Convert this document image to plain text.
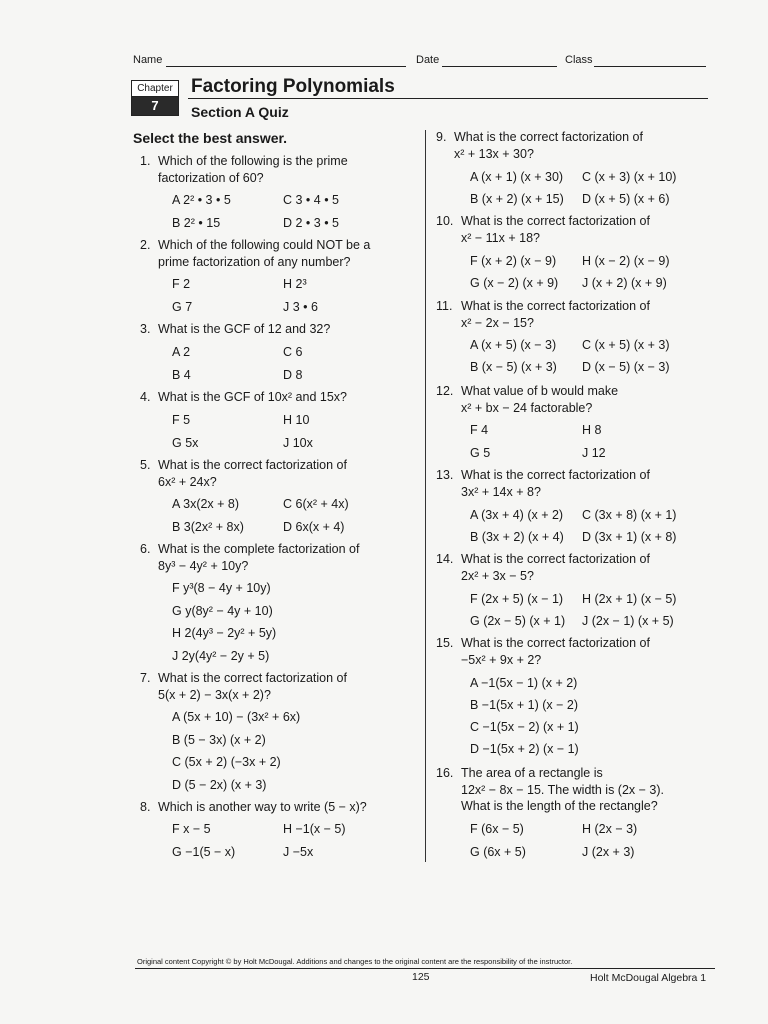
Name	Date	Class
Chapter
7
Factoring Polynomials
Section A Quiz
Select the best answer.
1. Which of the following is the prime
factorization of 60?
A 2² • 3 • 5	C 3 • 4 • 5
B 2² • 15	D 2 • 3 • 5
2. Which of the following could NOT be a
prime factorization of any number?
F 2	H 2³
G 7	J 3 • 6
3. What is the GCF of 12 and 32?
A 2	C 6
B 4	D 8
4. What is the GCF of 10x² and 15x?
F 5	H 10
G 5x	J 10x
5. What is the correct factorization of
6x² + 24x?
A 3x(2x + 8)	C 6(x² + 4x)
B 3(2x² + 8x)	D 6x(x + 4)
6. What is the complete factorization of
8y³ − 4y² + 10y?
F y³(8 − 4y + 10y)
G y(8y² − 4y + 10)
H 2(4y³ − 2y² + 5y)
J 2y(4y² − 2y + 5)
7. What is the correct factorization of
5(x + 2) − 3x(x + 2)?
A (5x + 10) − (3x² + 6x)
B (5 − 3x) (x + 2)
C (5x + 2) (−3x + 2)
D (5 − 2x) (x + 3)
8. Which is another way to write (5 − x)?
F x − 5	H −1(x − 5)
G −1(5 − x)	J −5x
9. What is the correct factorization of
x² + 13x + 30?
A (x + 1) (x + 30) C (x + 3) (x + 10)
B (x + 2) (x + 15) D (x + 5) (x + 6)
10. What is the correct factorization of
x² − 11x + 18?
F (x + 2) (x − 9) H (x − 2) (x − 9)
G (x − 2) (x + 9) J (x + 2) (x + 9)
11. What is the correct factorization of
x² − 2x − 15?
A (x + 5) (x − 3) C (x + 5) (x + 3)
B (x − 5) (x + 3) D (x − 5) (x − 3)
12. What value of b would make
x² + bx − 24 factorable?
F 4	H 8
G 5	J 12
13. What is the correct factorization of
3x² + 14x + 8?
A (3x + 4) (x + 2) C (3x + 8) (x + 1)
B (3x + 2) (x + 4) D (3x + 1) (x + 8)
14. What is the correct factorization of
2x² + 3x − 5?
F (2x + 5) (x − 1) H (2x + 1) (x − 5)
G (2x − 5) (x + 1) J (2x − 1) (x + 5)
15. What is the correct factorization of
−5x² + 9x + 2?
A −1(5x − 1) (x + 2)
B −1(5x + 1) (x − 2)
C −1(5x − 2) (x + 1)
D −1(5x + 2) (x − 1)
16. The area of a rectangle is
12x² − 8x − 15. The width is (2x − 3).
What is the length of the rectangle?
F (6x − 5)	H (2x − 3)
G (6x + 5)	J (2x + 3)
Original content Copyright © by Holt McDougal. Additions and changes to the original content are the responsibility of the instructor.
125	Holt McDougal Algebra 1
